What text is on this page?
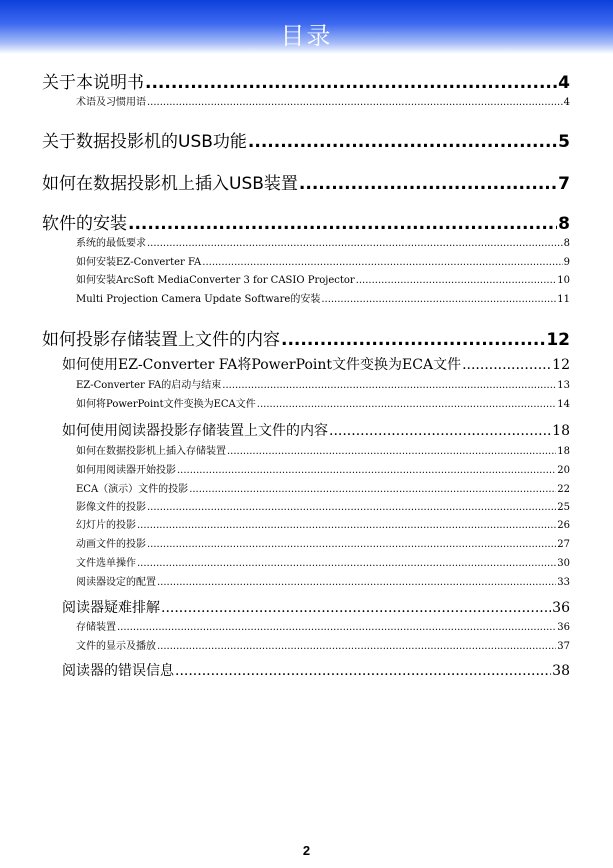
目录
关于本说明书 .....	4
术语及习惯用语 .....	4
关于数据投影机的USB功能 .....	5
如何在数据投影机上插入USB装置 .....	7
软件的安装 .....	8
系统的最低要求 .....	8
如何安装EZ-Converter FA .....	9
如何安装ArcSoft MediaConverter 3 for CASIO Projector .....	10
Multi Projection Camera Update Software的安装 .....	11
如何投影存储装置上文件的内容 .....	12
如何使用EZ-Converter FA将PowerPoint文件变换为ECA文件 .....	12
EZ-Converter FA的启动与结束 .....	13
如何将PowerPoint文件变换为ECA文件 .....	14
如何使用阅读器投影存储装置上文件的内容 .....	18
如何在数据投影机上插入存储装置 .....	18
如何用阅读器开始投影 .....	20
ECA（演示）文件的投影 .....	22
影像文件的投影 .....	25
幻灯片的投影 .....	26
动画文件的投影 .....	27
文件选单操作 .....	30
阅读器设定的配置 .....	33
阅读器疑难排解 .....	36
存储装置 .....	36
文件的显示及播放 .....	37
阅读器的错误信息 .....	38
2
